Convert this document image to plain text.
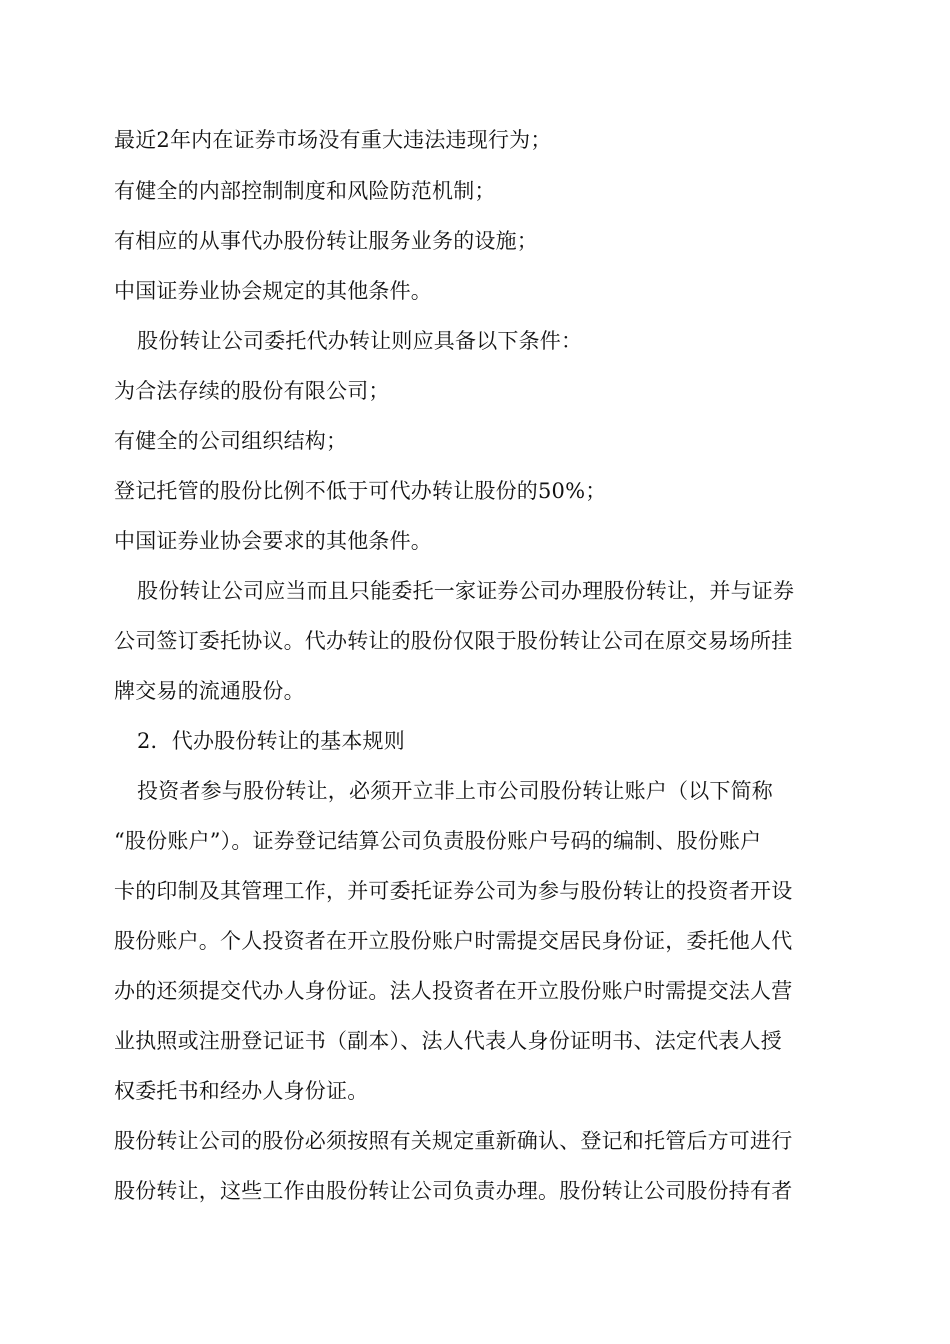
最近2年内在证券市场没有重大违法违现行为；
有健全的内部控制制度和风险防范机制；
有相应的从事代办股份转让服务业务的设施；
中国证券业协会规定的其他条件。
股份转让公司委托代办转让则应具备以下条件：
为合法存续的股份有限公司；
有健全的公司组织结构；
登记托管的股份比例不低于可代办转让股份的50%；
中国证券业协会要求的其他条件。
股份转让公司应当而且只能委托一家证券公司办理股份转让，并与证券
公司签订委托协议。代办转让的股份仅限于股份转让公司在原交易场所挂
牌交易的流通股份。
2．代办股份转让的基本规则
投资者参与股份转让，必须开立非上市公司股份转让账户（以下简称
“股份账户”）。证券登记结算公司负责股份账户号码的编制、股份账户
卡的印制及其管理工作，并可委托证券公司为参与股份转让的投资者开设
股份账户。个人投资者在开立股份账户时需提交居民身份证，委托他人代
办的还须提交代办人身份证。法人投资者在开立股份账户时需提交法人营
业执照或注册登记证书（副本）、法人代表人身份证明书、法定代表人授
权委托书和经办人身份证。
股份转让公司的股份必须按照有关规定重新确认、登记和托管后方可进行
股份转让，这些工作由股份转让公司负责办理。股份转让公司股份持有者
